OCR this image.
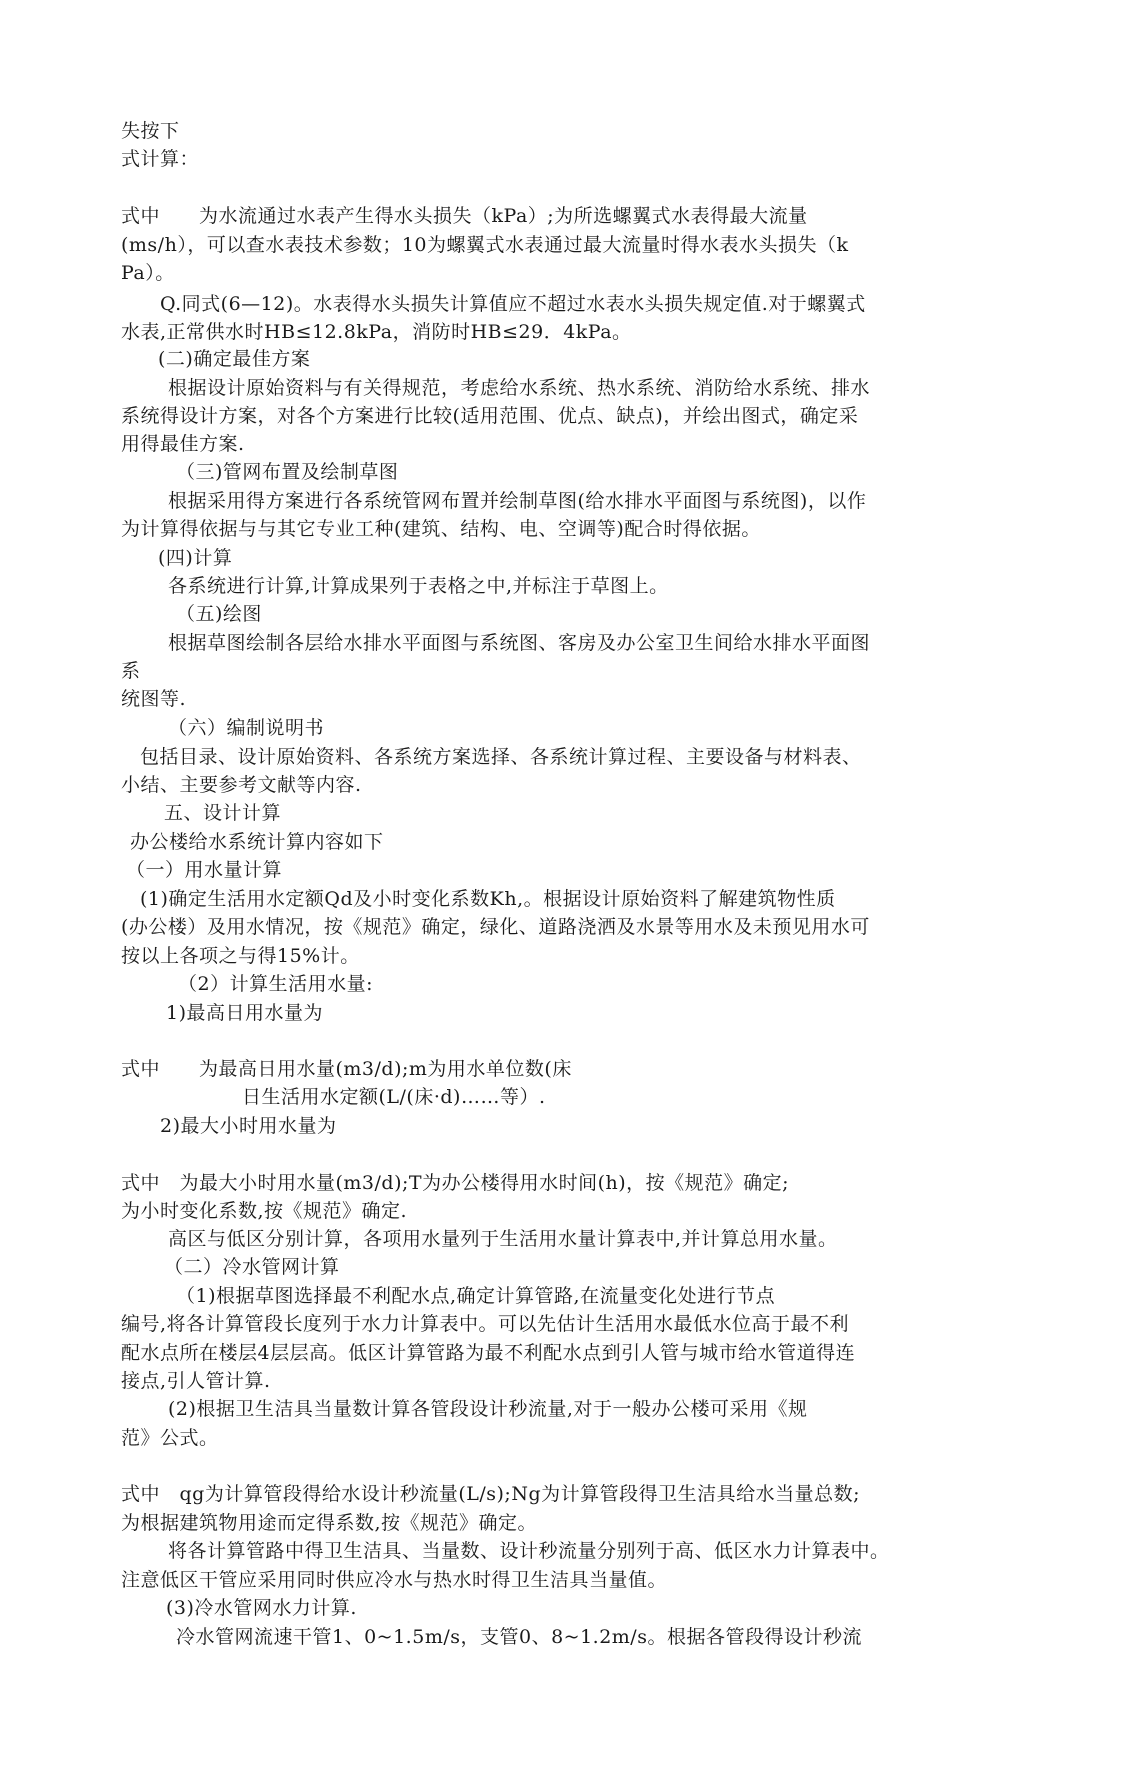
失按下
式计算：
式中　　为水流通过水表产生得水头损失（kPa）;为所选螺翼式水表得最大流量
(ms/h），可以查水表技术参数；10为螺翼式水表通过最大流量时得水表水头损失（k
Pa）。
Q.同式(6—12)。水表得水头损失计算值应不超过水表水头损失规定值.对于螺翼式
水表,正常供水时HB≤12.8kPa，消防时HB≤29．4kPa。
(二)确定最佳方案
根据设计原始资料与有关得规范，考虑给水系统、热水系统、消防给水系统、排水
系统得设计方案，对各个方案进行比较(适用范围、优点、缺点)，并绘出图式，确定采
用得最佳方案.
（三)管网布置及绘制草图
根据采用得方案进行各系统管网布置并绘制草图(给水排水平面图与系统图)，以作
为计算得依据与与其它专业工种(建筑、结构、电、空调等)配合时得依据。
(四)计算
各系统进行计算,计算成果列于表格之中,并标注于草图上。
（五)绘图
根据草图绘制各层给水排水平面图与系统图、客房及办公室卫生间给水排水平面图
系
统图等.
（六）编制说明书
包括目录、设计原始资料、各系统方案选择、各系统计算过程、主要设备与材料表、
小结、主要参考文献等内容.
五、设计计算
办公楼给水系统计算内容如下
（一）用水量计算
(1)确定生活用水定额Qd及小时变化系数Kh,。根据设计原始资料了解建筑物性质
(办公楼）及用水情况，按《规范》确定，绿化、道路浇洒及水景等用水及未预见用水可
按以上各项之与得15%计。
（2）计算生活用水量:
1)最高日用水量为
式中　　为最高日用水量(m3/d);m为用水单位数(床
日生活用水定额(L/(床·d)……等）.
2)最大小时用水量为
式中　为最大小时用水量(m3/d);T为办公楼得用水时间(h)，按《规范》确定;
为小时变化系数,按《规范》确定.
高区与低区分别计算，各项用水量列于生活用水量计算表中,并计算总用水量。
（二）冷水管网计算
（1)根据草图选择最不利配水点,确定计算管路,在流量变化处进行节点
编号,将各计算管段长度列于水力计算表中。可以先估计生活用水最低水位高于最不利
配水点所在楼层4层层高。低区计算管路为最不利配水点到引人管与城市给水管道得连
接点,引人管计算.
(2)根据卫生洁具当量数计算各管段设计秒流量,对于一般办公楼可采用《规
范》公式。
式中　qg为计算管段得给水设计秒流量(L/s);Ng为计算管段得卫生洁具给水当量总数;
为根据建筑物用途而定得系数,按《规范》确定。
将各计算管路中得卫生洁具、当量数、设计秒流量分别列于高、低区水力计算表中。
注意低区干管应采用同时供应冷水与热水时得卫生洁具当量值。
(3)冷水管网水力计算.
冷水管网流速干管1、0~1.5m/s，支管0、8~1.2m/s。根据各管段得设计秒流
